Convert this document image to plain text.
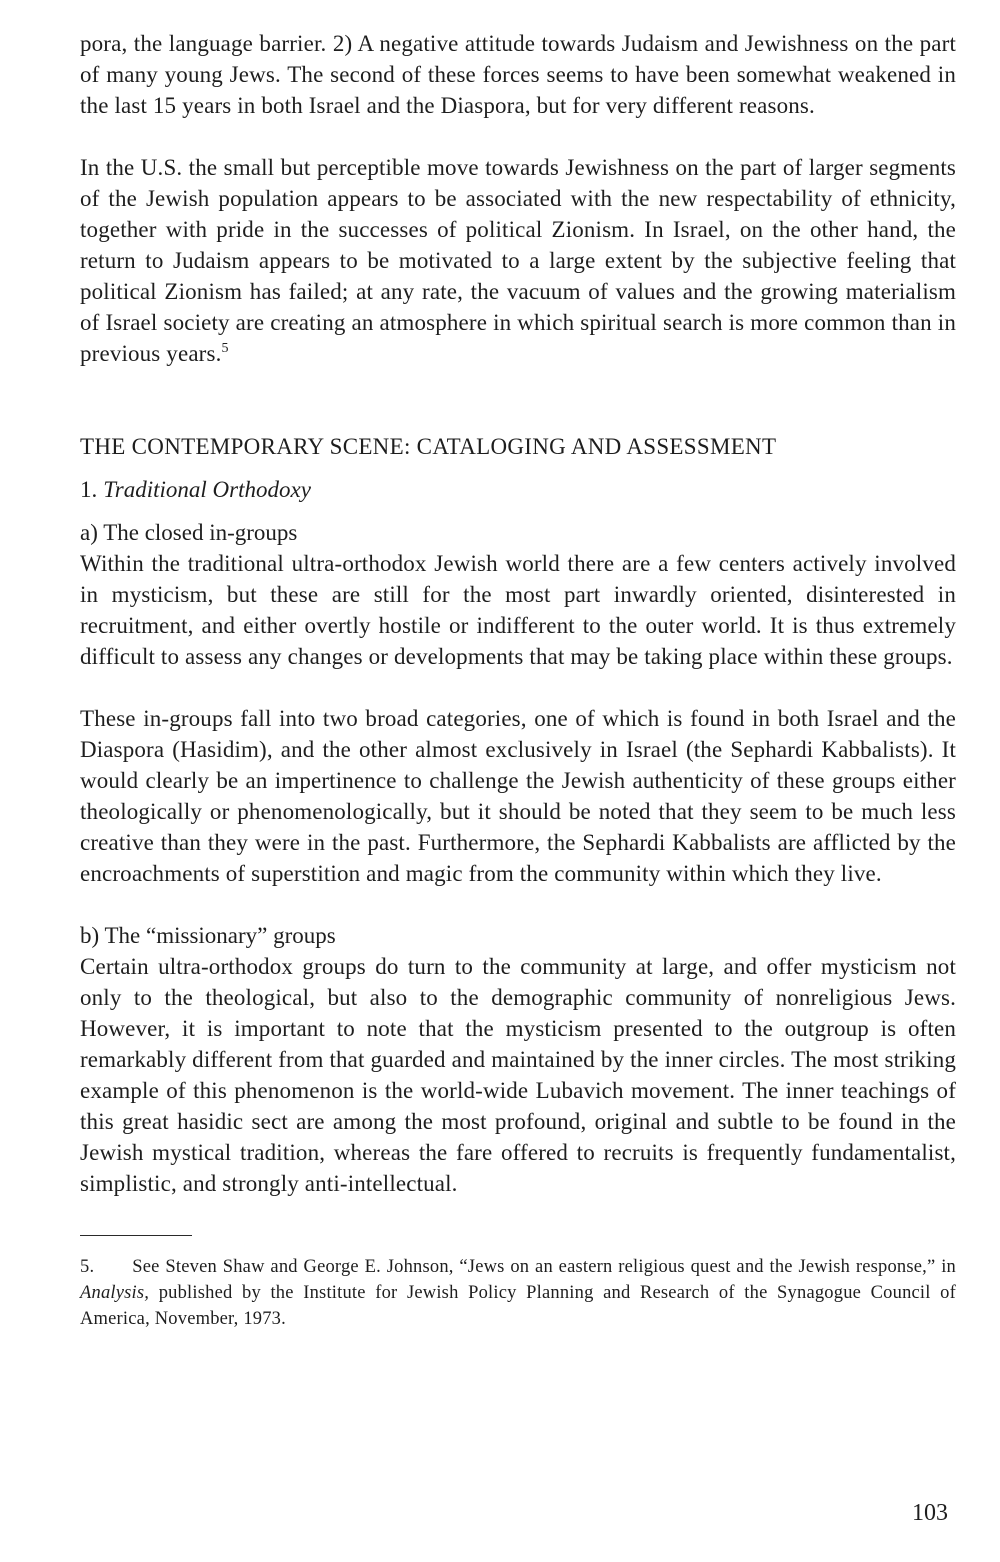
pora, the language barrier. 2) A negative attitude towards Judaism and Jewishness on the part of many young Jews. The second of these forces seems to have been somewhat weakened in the last 15 years in both Israel and the Diaspora, but for very different reasons.

In the U.S. the small but perceptible move towards Jewishness on the part of larger segments of the Jewish population appears to be associated with the new respectability of ethnicity, together with pride in the successes of political Zionism. In Israel, on the other hand, the return to Judaism appears to be motivated to a large extent by the subjective feeling that political Zionism has failed; at any rate, the vacuum of values and the growing materialism of Israel society are creating an atmosphere in which spiritual search is more common than in previous years.$^5$

THE CONTEMPORARY SCENE: CATALOGING AND ASSESSMENT

1. Traditional Orthodoxy

a) The closed in-groups

Within the traditional ultra-orthodox Jewish world there are a few centers actively involved in mysticism, but these are still for the most part inwardly oriented, disinterested in recruitment, and either overtly hostile or indifferent to the outer world. It is thus extremely difficult to assess any changes or developments that may be taking place within these groups.

These in-groups fall into two broad categories, one of which is found in both Israel and the Diaspora (Hasidim), and the other almost exclusively in Israel (the Sephardi Kabbalists). It would clearly be an impertinence to challenge the Jewish authenticity of these groups either theologically or phenomenologically, but it should be noted that they seem to be much less creative than they were in the past. Furthermore, the Sephardi Kabbalists are afflicted by the encroachments of superstition and magic from the community within which they live.

b) The “missionary” groups

Certain ultra-orthodox groups do turn to the community at large, and offer mysticism not only to the theological, but also to the demographic community of nonreligious Jews. However, it is important to note that the mysticism presented to the outgroup is often remarkably different from that guarded and maintained by the inner circles. The most striking example of this phenomenon is the world-wide Lubavich movement. The inner teachings of this great hasidic sect are among the most profound, original and subtle to be found in the Jewish mystical tradition, whereas the fare offered to recruits is frequently fundamentalist, simplistic, and strongly anti-intellectual.

5. See Steven Shaw and George E. Johnson, “Jews on an eastern religious quest and the Jewish response,” in Analysis, published by the Institute for Jewish Policy Planning and Research of the Synagogue Council of America, November, 1973.

103
